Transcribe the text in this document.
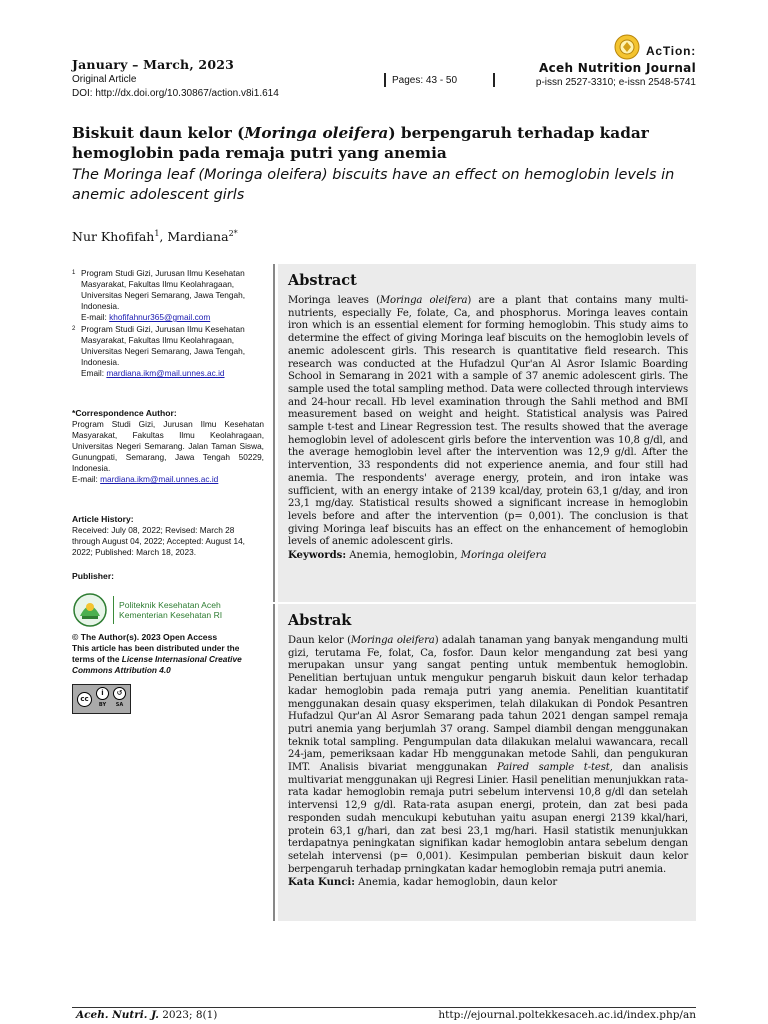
January – March, 2023
Original Article
DOI: http://dx.doi.org/10.30867/action.v8i1.614
Pages: 43 - 50
AcTion:
Aceh Nutrition Journal
p-issn 2527-3310; e-issn 2548-5741
Biskuit daun kelor (Moringa oleifera) berpengaruh terhadap kadar hemoglobin pada remaja putri yang anemia
The Moringa leaf (Moringa oleifera) biscuits have an effect on hemoglobin levels in anemic adolescent girls
Nur Khofifah$^1$, Mardiana$^{2*}$
1 Program Studi Gizi, Jurusan Ilmu Kesehatan Masyarakat, Fakultas Ilmu Keolahragaan, Universitas Negeri Semarang, Jawa Tengah, Indonesia.
E-mail: khofifahnur365@gmail.com
2 Program Studi Gizi, Jurusan Ilmu Kesehatan Masyarakat, Fakultas Ilmu Keolahragaan, Universitas Negeri Semarang, Jawa Tengah, Indonesia.
Email: mardiana.ikm@mail.unnes.ac.id
*Correspondence Author:
Program Studi Gizi, Jurusan Ilmu Kesehatan Masyarakat, Fakultas Ilmu Keolahragaan, Universitas Negeri Semarang. Jalan Taman Siswa, Gunungpati, Semarang, Jawa Tengah 50229, Indonesia.
E-mail: mardiana.ikm@mail.unnes.ac.id
Article History:
Received: July 08, 2022; Revised: March 28 through August 04, 2022; Accepted: August 14, 2022; Published: March 18, 2023.
Publisher:
Politeknik Kesehatan Aceh
Kementerian Kesehatan RI
© The Author(s). 2023 Open Access
This article has been distributed under the terms of the License Internasional Creative Commons Attribution 4.0
cc
i
BY
↺
SA
Abstract

Moringa leaves (Moringa oleifera) are a plant that contains many multi-nutrients, especially Fe, folate, Ca, and phosphorus. Moringa leaves contain iron which is an essential element for forming hemoglobin. This study aims to determine the effect of giving Moringa leaf biscuits on the hemoglobin levels of anemic adolescent girls. This research is quantitative field research. This research was conducted at the Hufadzul Qur'an Al Asror Islamic Boarding School in Semarang in 2021 with a sample of 37 anemic adolescent girls. The sample used the total sampling method. Data were collected through interviews and 24-hour recall. Hb level examination through the Sahli method and BMI measurement based on weight and height. Statistical analysis was Paired sample t-test and Linear Regression test. The results showed that the average hemoglobin level of adolescent girls before the intervention was 10,8 g/dl, and the average hemoglobin level after the intervention was 12,9 g/dl. After the intervention, 33 respondents did not experience anemia, and four still had anemia. The respondents' average energy, protein, and iron intake was sufficient, with an energy intake of 2139 kcal/day, protein 63,1 g/day, and iron 23,1 mg/day. Statistical results showed a significant increase in hemoglobin levels before and after the intervention (p= 0,001). The conclusion is that giving Moringa leaf biscuits has an effect on the enhancement of hemoglobin levels of anemic adolescent girls.

Keywords: Anemia, hemoglobin, Moringa oleifera
Abstrak

Daun kelor (Moringa oleifera) adalah tanaman yang banyak mengandung multi gizi, terutama Fe, folat, Ca, fosfor. Daun kelor mengandung zat besi yang merupakan unsur yang sangat penting untuk membentuk hemoglobin. Penelitian bertujuan untuk mengukur pengaruh biskuit daun kelor terhadap kadar hemoglobin pada remaja putri yang anemia. Penelitian kuantitatif menggunakan desain quasy eksperimen, telah dilakukan di Pondok Pesantren Hufadzul Qur'an Al Asror Semarang pada tahun 2021 dengan sampel remaja putri anemia yang berjumlah 37 orang. Sampel diambil dengan menggunakan teknik total sampling. Pengumpulan data dilakukan melalui wawancara, recall 24-jam, pemeriksaan kadar Hb menggunakan metode Sahli, dan pengukuran IMT. Analisis bivariat menggunakan Paired sample t-test, dan analisis multivariat menggunakan uji Regresi Linier. Hasil penelitian menunjukkan rata-rata kadar hemoglobin remaja putri sebelum intervensi 10,8 g/dl dan setelah intervensi 12,9 g/dl. Rata-rata asupan energi, protein, dan zat besi pada responden sudah mencukupi kebutuhan yaitu asupan energi 2139 kkal/hari, protein 63,1 g/hari, dan zat besi 23,1 mg/hari. Hasil statistik menunjukkan terdapatnya peningkatan signifikan kadar hemoglobin antara sebelum dengan setelah intervensi (p= 0,001). Kesimpulan pemberian biskuit daun kelor berpengaruh terhadap prningkatan kadar hemoglobin remaja putri anemia.

Kata Kunci: Anemia, kadar hemoglobin, daun kelor
Aceh. Nutri. J. 2023; 8(1)	http://ejournal.poltekkesaceh.ac.id/index.php/an
